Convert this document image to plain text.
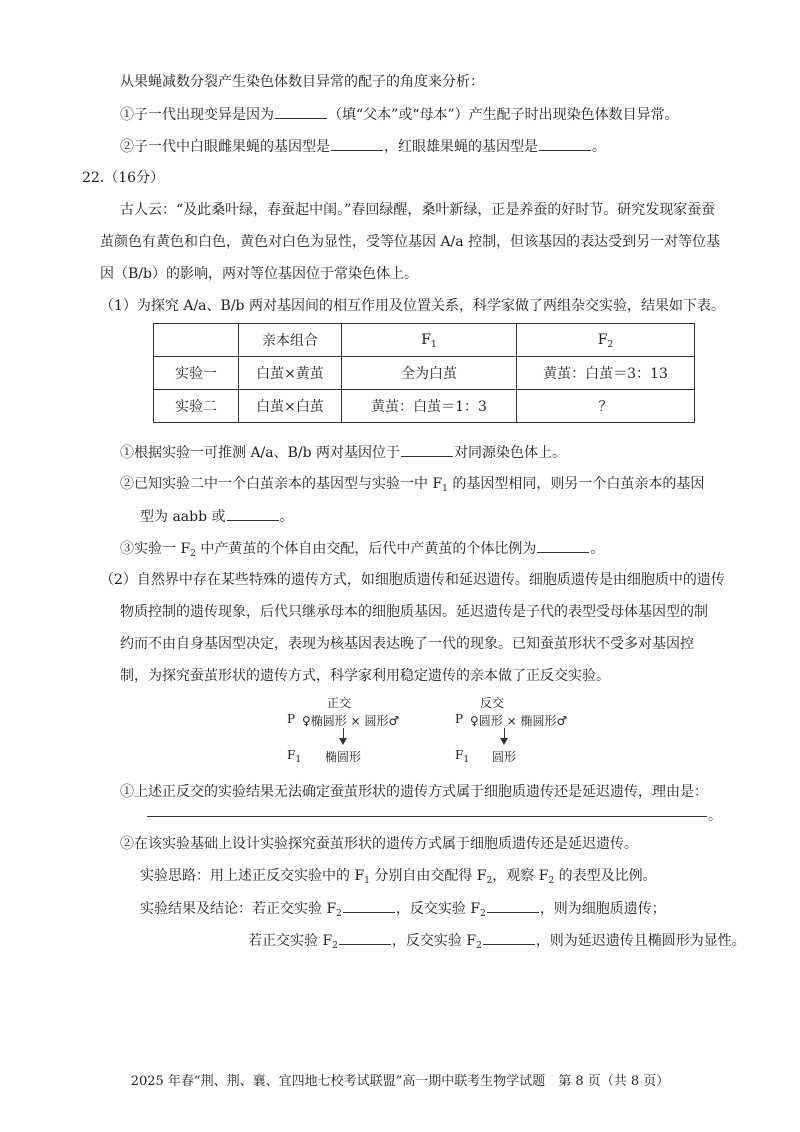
从果蝇减数分裂产生染色体数目异常的配子的角度来分析：
①子一代出现变异是因为	（填“父本”或“母本”）产生配子时出现染色体数目异常。
②子一代中白眼雌果蝇的基因型是	，红眼雄果蝇的基因型是	。
22.（16分）
古人云：“及此桑叶绿，春蚕起中闺。”春回绿醒，桑叶新绿，正是养蚕的好时节。研究发现家蚕蚕
茧颜色有黄色和白色，黄色对白色为显性，受等位基因 A/a 控制，但该基因的表达受到另一对等位基
因（B/b）的影响，两对等位基因位于常染色体上。
（1）为探究 A/a、B/b 两对基因间的相互作用及位置关系，科学家做了两组杂交实验，结果如下表。
	亲本组合	$F_1$	$F_2$
实验一	白茧×黄茧	全为白茧	黄茧：白茧＝3：13
实验二	白茧×白茧	黄茧：白茧＝1：3	？
①根据实验一可推测 A/a、B/b 两对基因位于	对同源染色体上。
②已知实验二中一个白茧亲本的基因型与实验一中 $F_1$ 的基因型相同，则另一个白茧亲本的基因
型为 aabb 或	。
③实验一 $F_2$ 中产黄茧的个体自由交配，后代中产黄茧的个体比例为	。
（2）自然界中存在某些特殊的遗传方式，如细胞质遗传和延迟遗传。细胞质遗传是由细胞质中的遗传
物质控制的遗传现象，后代只继承母本的细胞质基因。延迟遗传是子代的表型受母体基因型的制
约而不由自身基因型决定，表现为核基因表达晚了一代的现象。已知蚕茧形状不受多对基因控
制，为探究蚕茧形状的遗传方式，科学家利用稳定遗传的亲本做了正反交实验。
正交	反交
P ♀椭圆形 × 圆形♂	P ♀圆形 × 椭圆形♂
$F_1$ 椭圆形	$F_1$ 圆形
①上述正反交的实验结果无法确定蚕茧形状的遗传方式属于细胞质遗传还是延迟遗传，理由是：
。
②在该实验基础上设计实验探究蚕茧形状的遗传方式属于细胞质遗传还是延迟遗传。
实验思路：用上述正反交实验中的 $F_1$ 分别自由交配得 $F_2$，观察 $F_2$ 的表型及比例。
实验结果及结论：若正交实验 $F_2$	，反交实验 $F_2$	，则为细胞质遗传；
若正交实验 $F_2$	，反交实验 $F_2$	，则为延迟遗传且椭圆形为显性。
2025 年春“荆、荆、襄、宜四地七校考试联盟”高一期中联考生物学试题　第 8 页（共 8 页）
